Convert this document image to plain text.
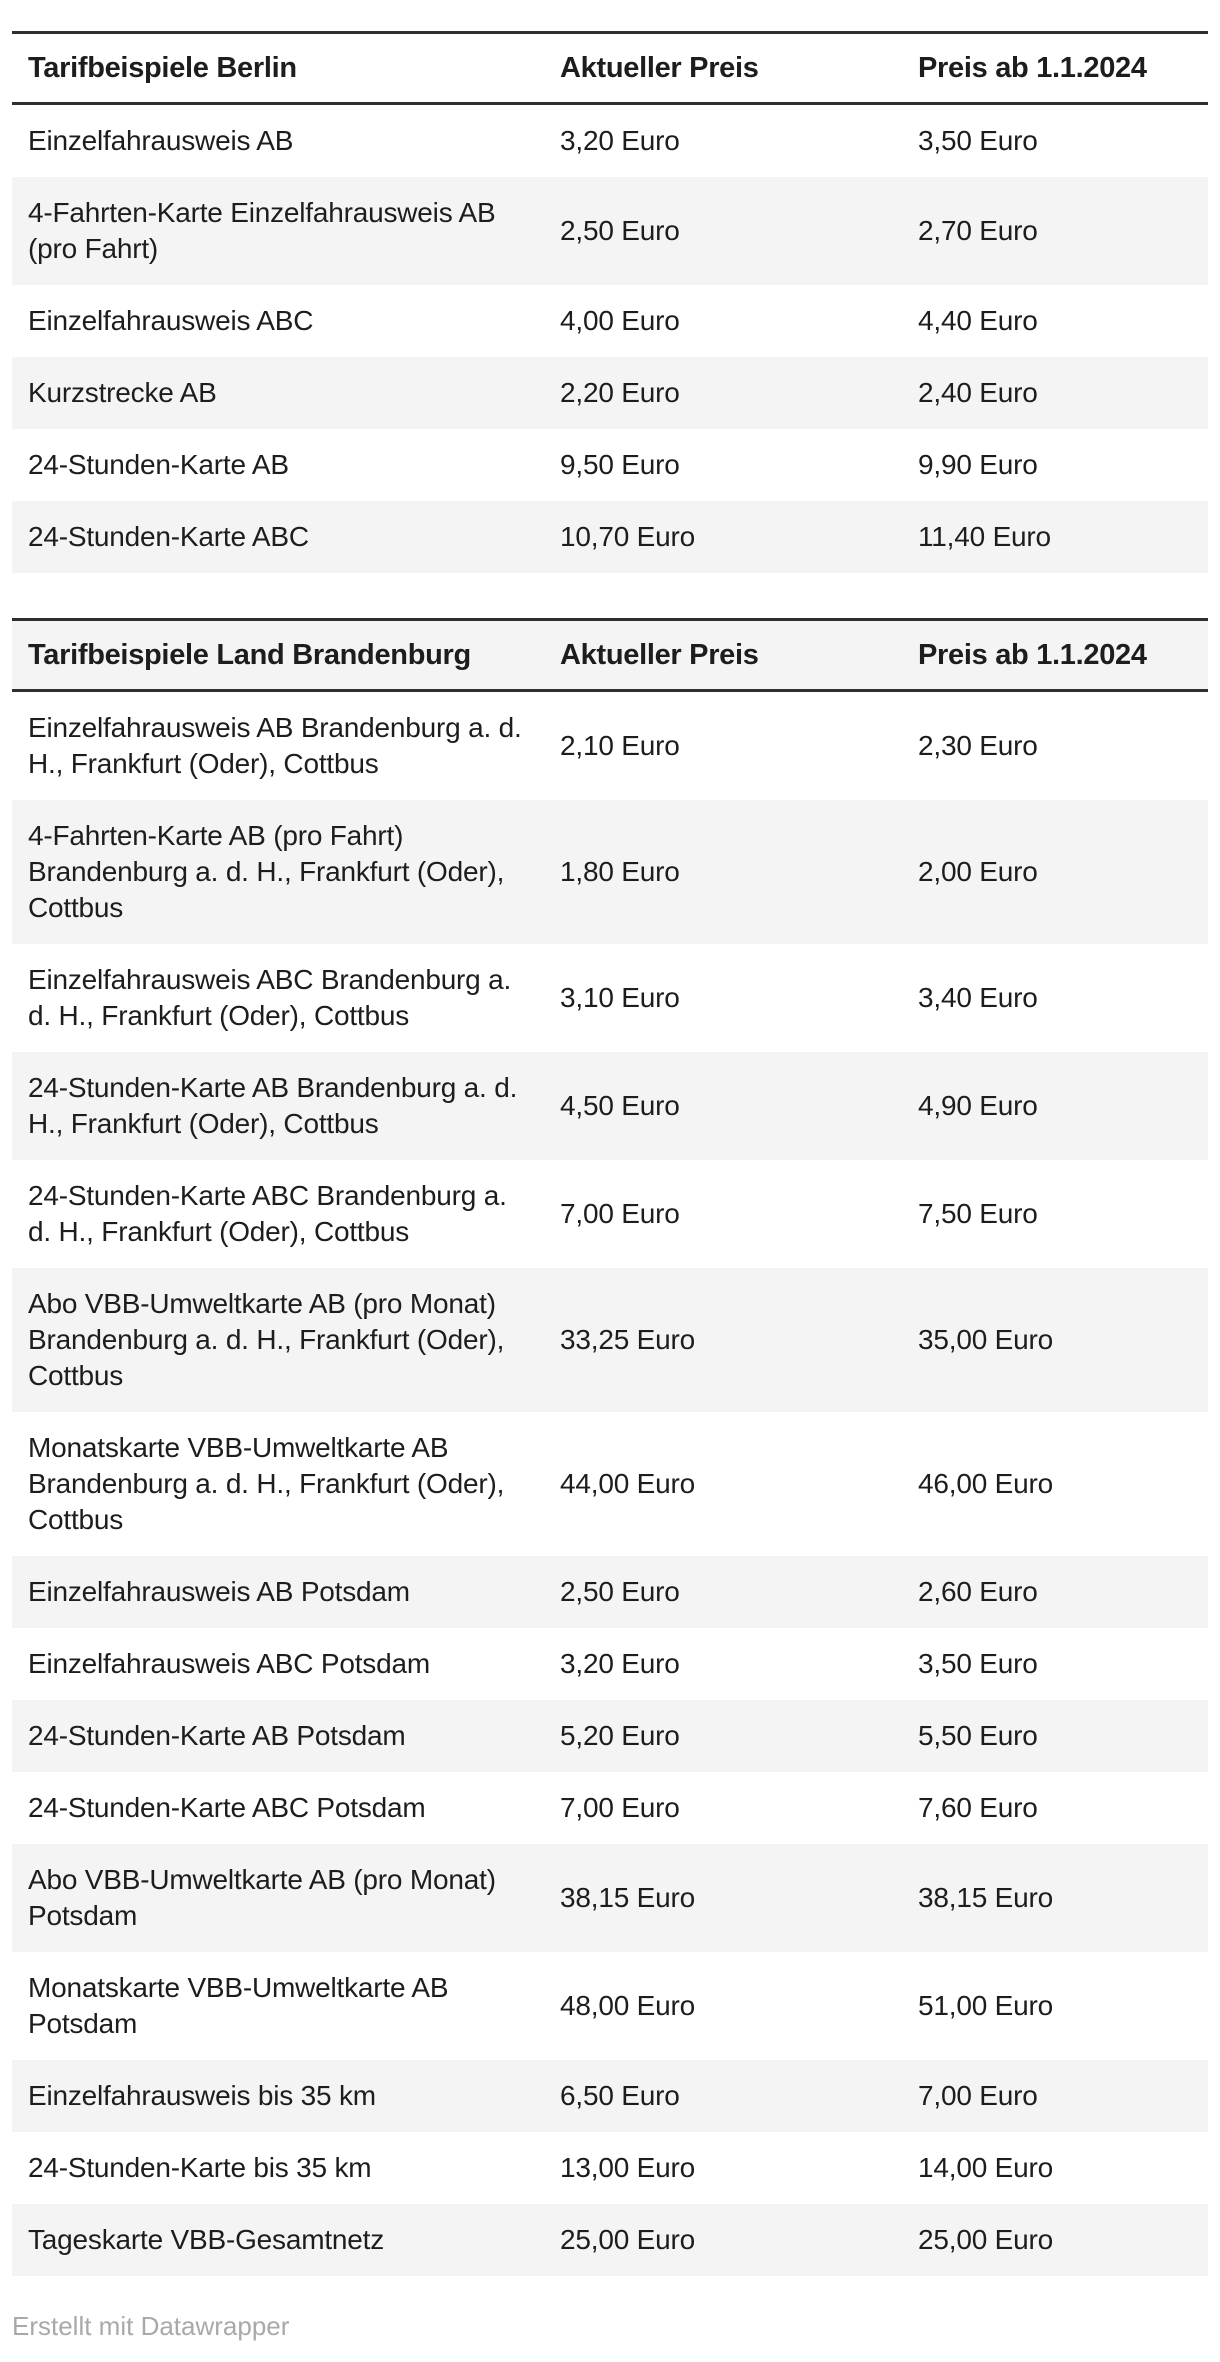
Tarifbeispiele Berlin	Aktueller Preis	Preis ab 1.1.2024
Einzelfahrausweis AB	3,20 Euro	3,50 Euro
4-Fahrten-Karte Einzelfahrausweis AB (pro Fahrt)	2,50 Euro	2,70 Euro
Einzelfahrausweis ABC	4,00 Euro	4,40 Euro
Kurzstrecke AB	2,20 Euro	2,40 Euro
24-Stunden-Karte AB	9,50 Euro	9,90 Euro
24-Stunden-Karte ABC	10,70 Euro	11,40 Euro
Tarifbeispiele Land Brandenburg	Aktueller Preis	Preis ab 1.1.2024
Einzelfahrausweis AB Brandenburg a. d. H., Frankfurt (Oder), Cottbus	2,10 Euro	2,30 Euro
4-Fahrten-Karte AB (pro Fahrt) Brandenburg a. d. H., Frankfurt (Oder), Cottbus	1,80 Euro	2,00 Euro
Einzelfahrausweis ABC Brandenburg a. d. H., Frankfurt (Oder), Cottbus	3,10 Euro	3,40 Euro
24-Stunden-Karte AB Brandenburg a. d. H., Frankfurt (Oder), Cottbus	4,50 Euro	4,90 Euro
24-Stunden-Karte ABC Brandenburg a. d. H., Frankfurt (Oder), Cottbus	7,00 Euro	7,50 Euro
Abo VBB-Umweltkarte AB (pro Monat) Brandenburg a. d. H., Frankfurt (Oder), Cottbus	33,25 Euro	35,00 Euro
Monatskarte VBB-Umweltkarte AB Brandenburg a. d. H., Frankfurt (Oder), Cottbus	44,00 Euro	46,00 Euro
Einzelfahrausweis AB Potsdam	2,50 Euro	2,60 Euro
Einzelfahrausweis ABC Potsdam	3,20 Euro	3,50 Euro
24-Stunden-Karte AB Potsdam	5,20 Euro	5,50 Euro
24-Stunden-Karte ABC Potsdam	7,00 Euro	7,60 Euro
Abo VBB-Umweltkarte AB (pro Monat) Potsdam	38,15 Euro	38,15 Euro
Monatskarte VBB-Umweltkarte AB Potsdam	48,00 Euro	51,00 Euro
Einzelfahrausweis bis 35 km	6,50 Euro	7,00 Euro
24-Stunden-Karte bis 35 km	13,00 Euro	14,00 Euro
Tageskarte VBB-Gesamtnetz	25,00 Euro	25,00 Euro
Erstellt mit Datawrapper
